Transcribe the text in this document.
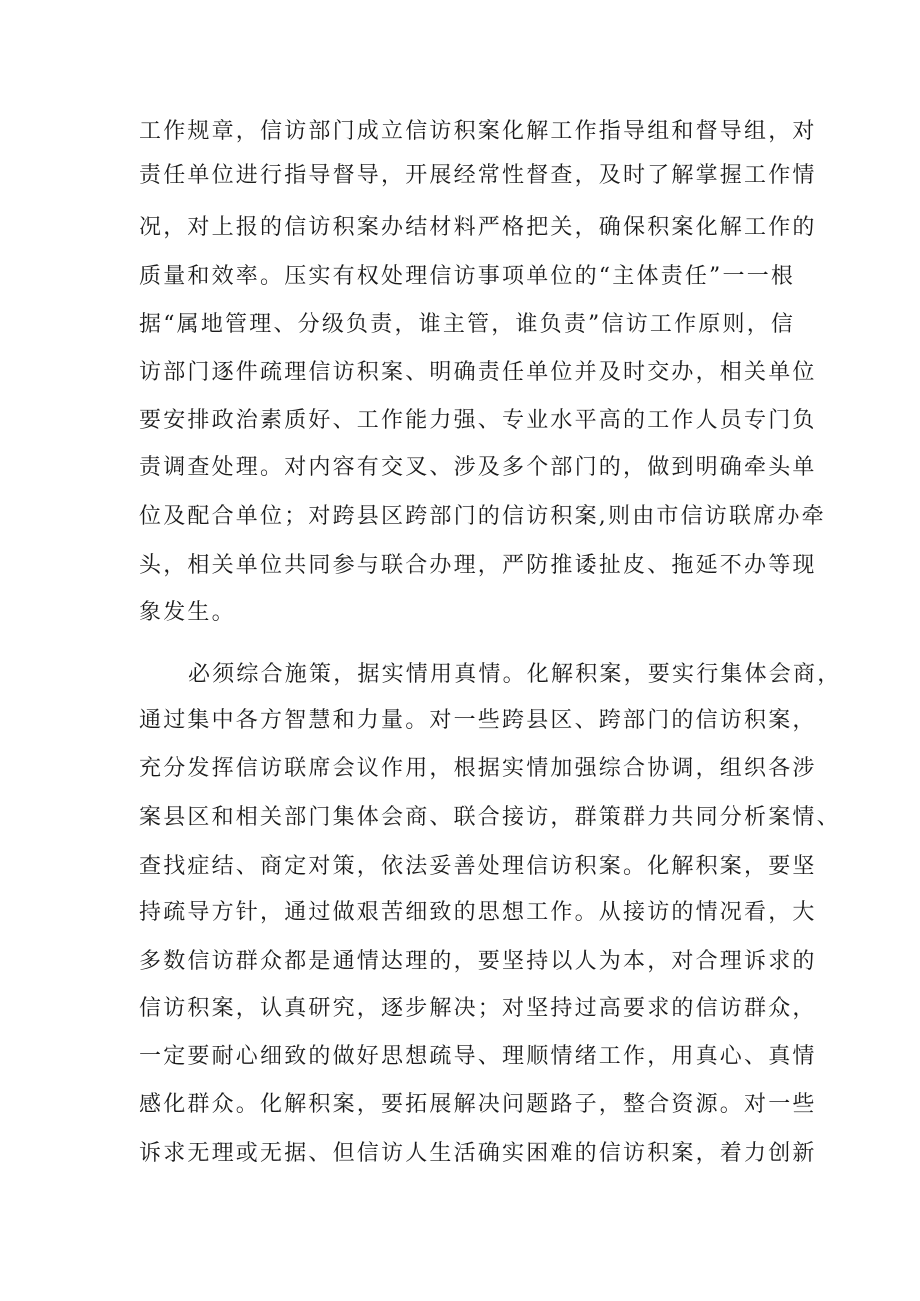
工作规章，信访部门成立信访积案化解工作指导组和督导组，对
责任单位进行指导督导，开展经常性督查，及时了解掌握工作情
况，对上报的信访积案办结材料严格把关，确保积案化解工作的
质量和效率。压实有权处理信访事项单位的“主体责任”一一根
据“属地管理、分级负责，谁主管，谁负责”信访工作原则，信
访部门逐件疏理信访积案、明确责任单位并及时交办，相关单位
要安排政治素质好、工作能力强、专业水平高的工作人员专门负
责调查处理。对内容有交叉、涉及多个部门的，做到明确牵头单
位及配合单位；对跨县区跨部门的信访积案,则由市信访联席办牵
头，相关单位共同参与联合办理，严防推诿扯皮、拖延不办等现
象发生。
必须综合施策，据实情用真情。化解积案，要实行集体会商，
通过集中各方智慧和力量。对一些跨县区、跨部门的信访积案，
充分发挥信访联席会议作用，根据实情加强综合协调，组织各涉
案县区和相关部门集体会商、联合接访，群策群力共同分析案情、
查找症结、商定对策，依法妥善处理信访积案。化解积案，要坚
持疏导方针，通过做艰苦细致的思想工作。从接访的情况看，大
多数信访群众都是通情达理的，要坚持以人为本，对合理诉求的
信访积案，认真研究，逐步解决；对坚持过高要求的信访群众，
一定要耐心细致的做好思想疏导、理顺情绪工作，用真心、真情
感化群众。化解积案，要拓展解决问题路子，整合资源。对一些
诉求无理或无据、但信访人生活确实困难的信访积案，着力创新
